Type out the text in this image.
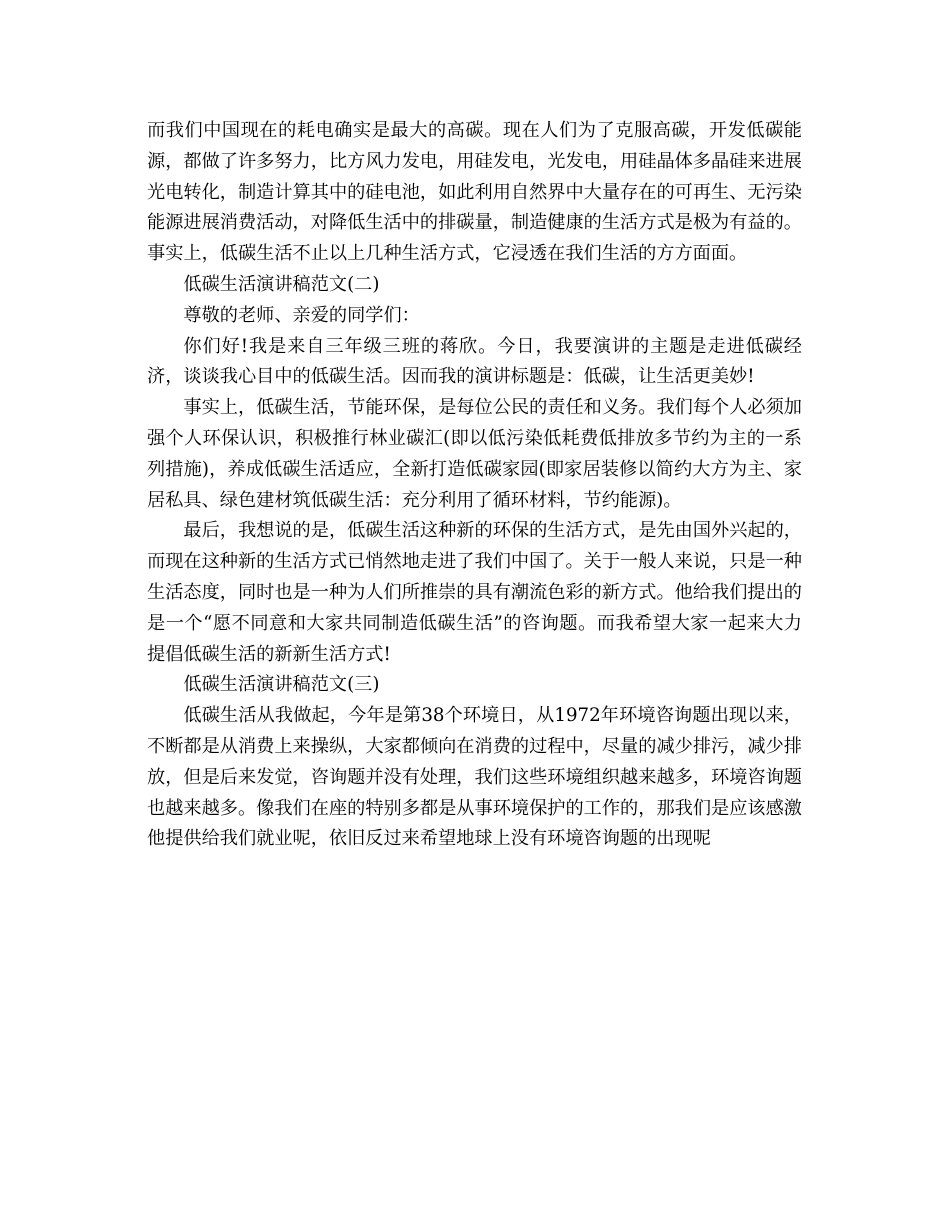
而我们中国现在的耗电确实是最大的高碳。现在人们为了克服高碳，开发低碳能源，都做了许多努力，比方风力发电，用硅发电，光发电，用硅晶体多晶硅来进展光电转化，制造计算其中的硅电池，如此利用自然界中大量存在的可再生、无污染能源进展消费活动，对降低生活中的排碳量，制造健康的生活方式是极为有益的。事实上，低碳生活不止以上几种生活方式，它浸透在我们生活的方方面面。

低碳生活演讲稿范文(二)

尊敬的老师、亲爱的同学们：

你们好!我是来自三年级三班的蒋欣。今日，我要演讲的主题是走进低碳经济，谈谈我心目中的低碳生活。因而我的演讲标题是：低碳，让生活更美妙!

事实上，低碳生活，节能环保，是每位公民的责任和义务。我们每个人必须加强个人环保认识，积极推行林业碳汇(即以低污染低耗费低排放多节约为主的一系列措施)，养成低碳生活适应，全新打造低碳家园(即家居装修以简约大方为主、家居私具、绿色建材筑低碳生活：充分利用了循环材料，节约能源)。

最后，我想说的是，低碳生活这种新的环保的生活方式，是先由国外兴起的，而现在这种新的生活方式已悄然地走进了我们中国了。关于一般人来说，只是一种生活态度，同时也是一种为人们所推崇的具有潮流色彩的新方式。他给我们提出的是一个“愿不同意和大家共同制造低碳生活”的咨询题。而我希望大家一起来大力提倡低碳生活的新新生活方式!

低碳生活演讲稿范文(三)

低碳生活从我做起，今年是第38个环境日，从1972年环境咨询题出现以来，不断都是从消费上来操纵，大家都倾向在消费的过程中，尽量的减少排污，减少排放，但是后来发觉，咨询题并没有处理，我们这些环境组织越来越多，环境咨询题也越来越多。像我们在座的特别多都是从事环境保护的工作的，那我们是应该感激他提供给我们就业呢，依旧反过来希望地球上没有环境咨询题的出现呢
